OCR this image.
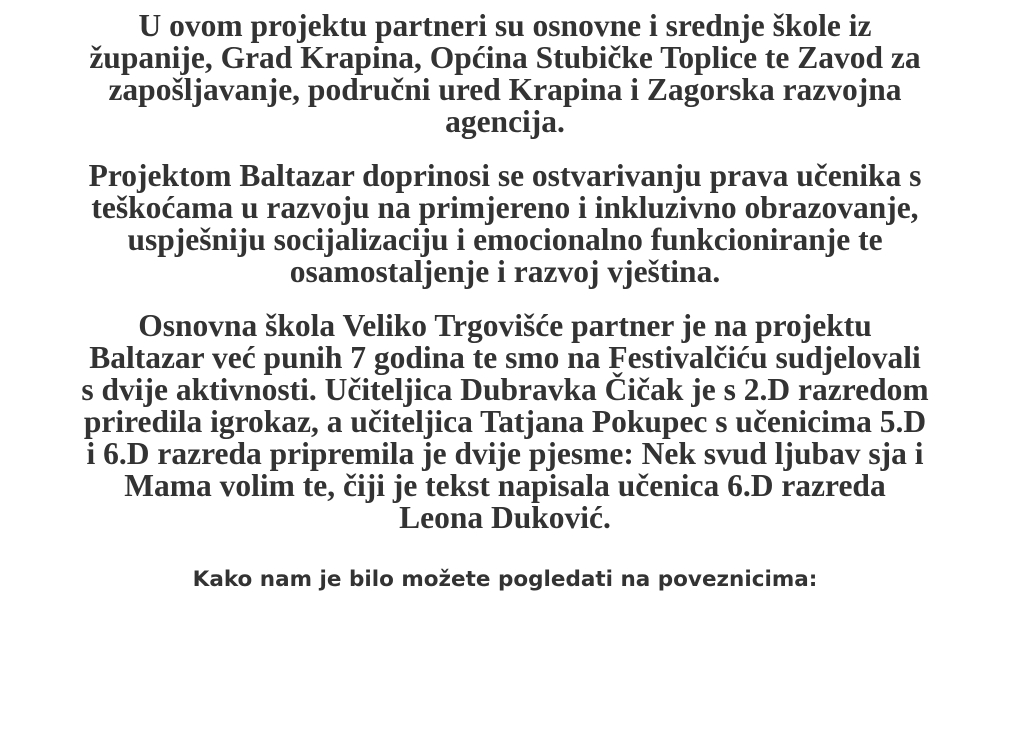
U ovom projektu partneri su osnovne i srednje škole iz
županije, Grad Krapina, Općina Stubičke Toplice te Zavod za
zapošljavanje, područni ured Krapina i Zagorska razvojna
agencija.

Projektom Baltazar doprinosi se ostvarivanju prava učenika s
teškoćama u razvoju na primjereno i inkluzivno obrazovanje,
uspješniju socijalizaciju i emocionalno funkcioniranje te
osamostaljenje i razvoj vještina.

Osnovna škola Veliko Trgovišće partner je na projektu
Baltazar već punih 7 godina te smo na Festivalčiću sudjelovali
s dvije aktivnosti. Učiteljica Dubravka Čičak je s 2.D razredom
priredila igrokaz, a učiteljica Tatjana Pokupec s učenicima 5.D
i 6.D razreda pripremila je dvije pjesme: Nek svud ljubav sja i
Mama volim te, čiji je tekst napisala učenica 6.D razreda
Leona Duković.

Kako nam je bilo možete pogledati na poveznicima:
